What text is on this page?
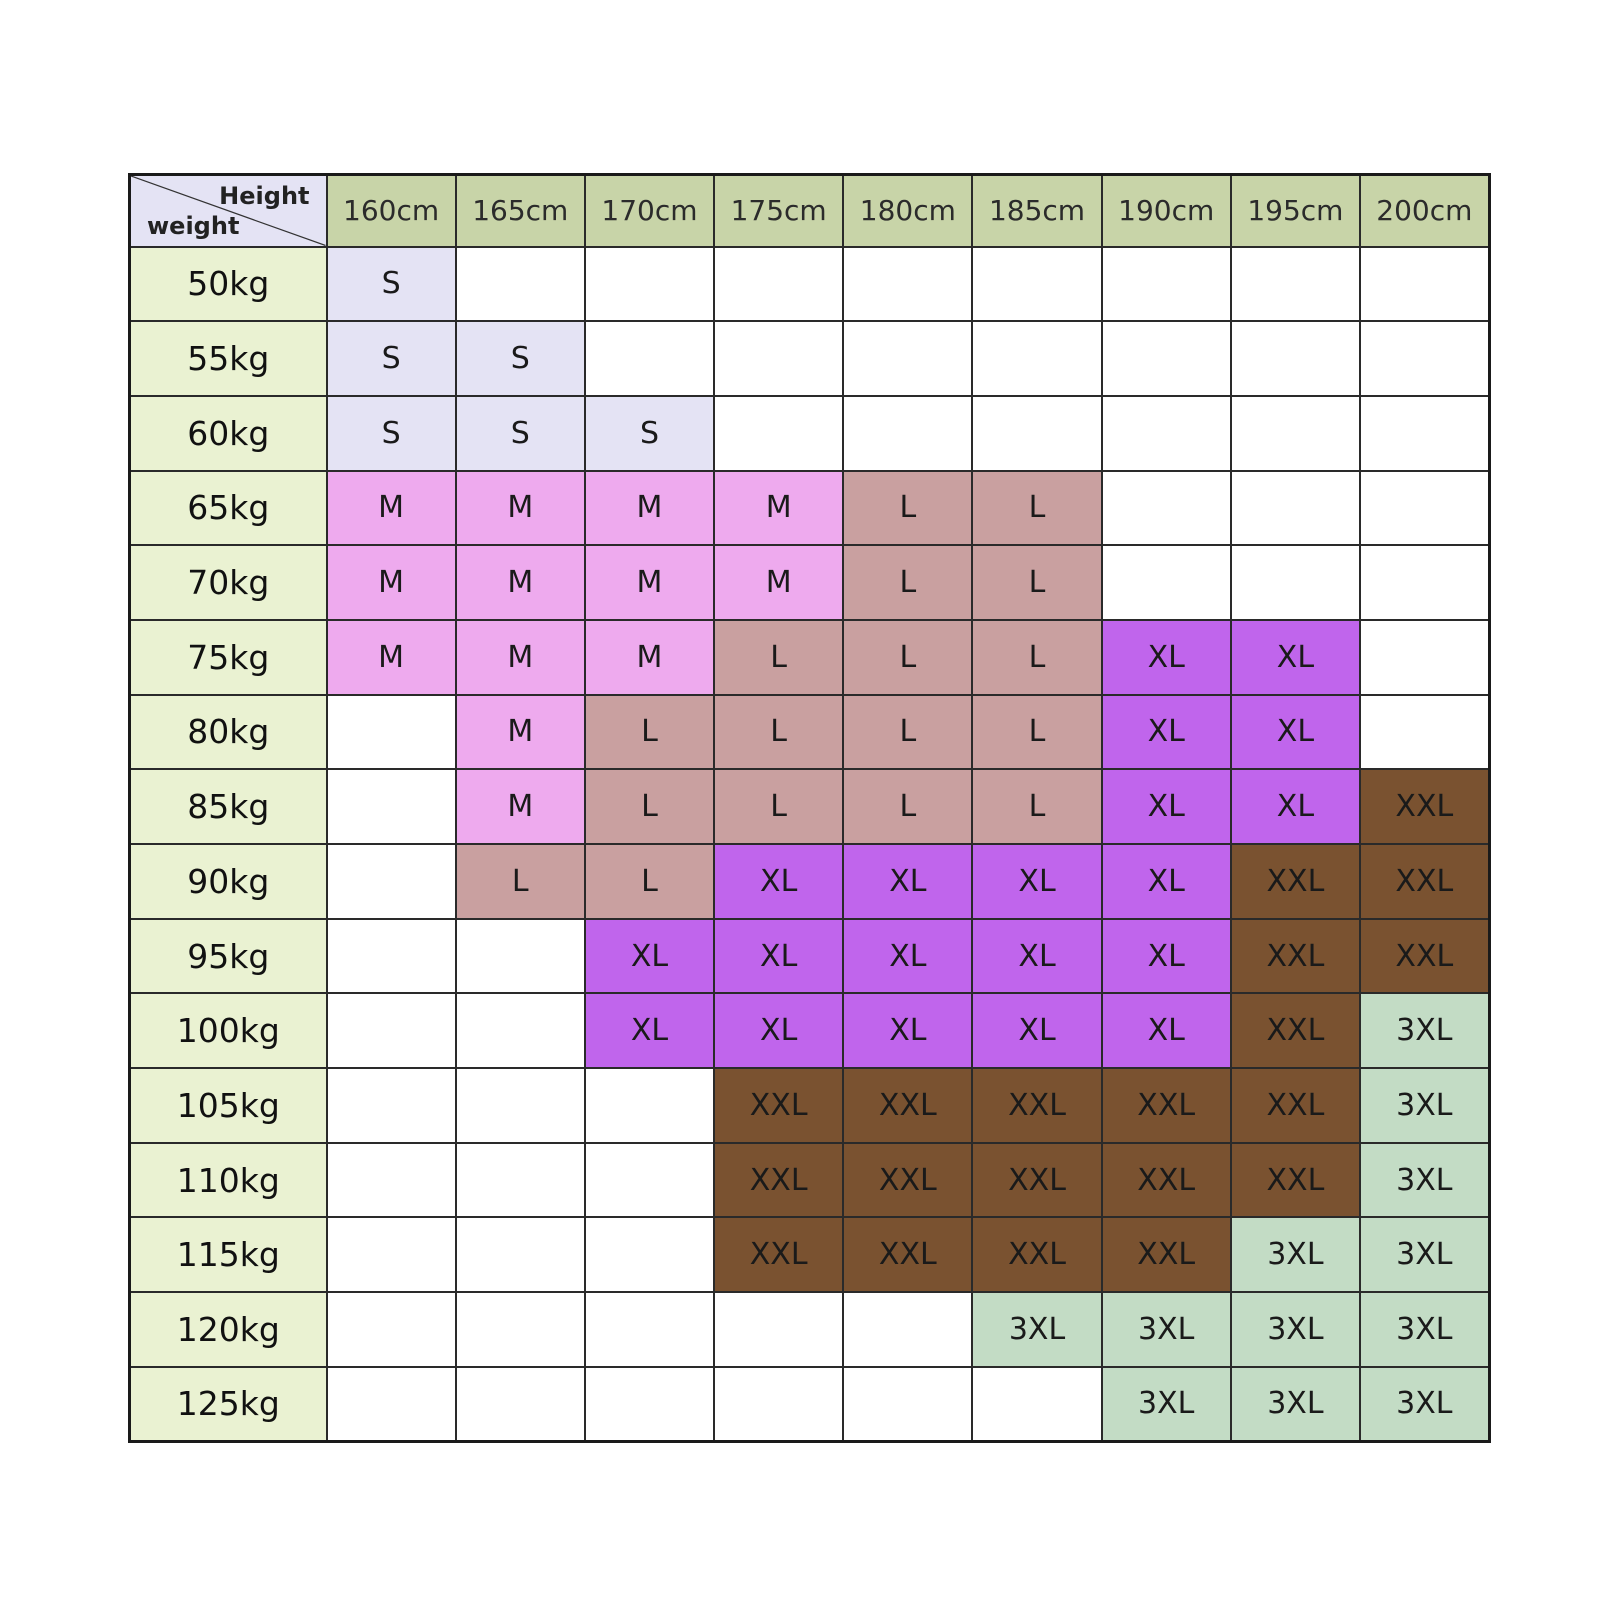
Height
weight	160cm	165cm	170cm	175cm	180cm	185cm	190cm	195cm	200cm
50kg	S								
55kg	S	S							
60kg	S	S	S						
65kg	M	M	M	M	L	L			
70kg	M	M	M	M	L	L			
75kg	M	M	M	L	L	L	XL	XL	
80kg		M	L	L	L	L	XL	XL	
85kg		M	L	L	L	L	XL	XL	XXL
90kg		L	L	XL	XL	XL	XL	XXL	XXL
95kg			XL	XL	XL	XL	XL	XXL	XXL
100kg			XL	XL	XL	XL	XL	XXL	3XL
105kg				XXL	XXL	XXL	XXL	XXL	3XL
110kg				XXL	XXL	XXL	XXL	XXL	3XL
115kg				XXL	XXL	XXL	XXL	3XL	3XL
120kg						3XL	3XL	3XL	3XL
125kg							3XL	3XL	3XL
